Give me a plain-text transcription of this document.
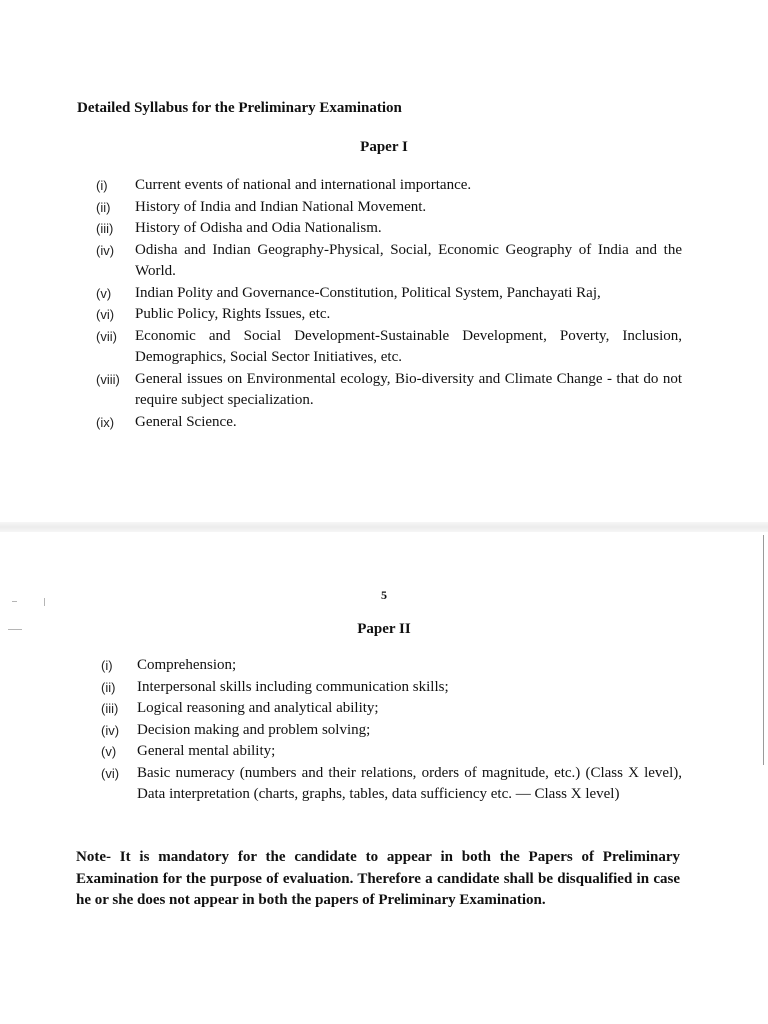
Detailed Syllabus for the Preliminary Examination
Paper I
(i)	Current events of national and international importance.
(ii)	History of India and Indian National Movement.
(iii)	History of Odisha and Odia Nationalism.
(iv)	Odisha and Indian Geography-Physical, Social, Economic Geography of India and the World.
(v)	Indian Polity and Governance-Constitution, Political System, Panchayati Raj,
(vi)	Public Policy, Rights Issues, etc.
(vii)	Economic and Social Development-Sustainable Development, Poverty, Inclusion, Demographics, Social Sector Initiatives, etc.
(viii)	General issues on Environmental ecology, Bio-diversity and Climate Change - that do not require subject specialization.
(ix)	General Science.
5
Paper II
(i)	Comprehension;
(ii)	Interpersonal skills including communication skills;
(iii)	Logical reasoning and analytical ability;
(iv)	Decision making and problem solving;
(v)	General mental ability;
(vi)	Basic numeracy (numbers and their relations, orders of magnitude, etc.) (Class X level), Data interpretation (charts, graphs, tables, data sufficiency etc. — Class X level)
Note- It is mandatory for the candidate to appear in both the Papers of Preliminary Examination for the purpose of evaluation. Therefore a candidate shall be disqualified in case he or she does not appear in both the papers of Preliminary Examination.
